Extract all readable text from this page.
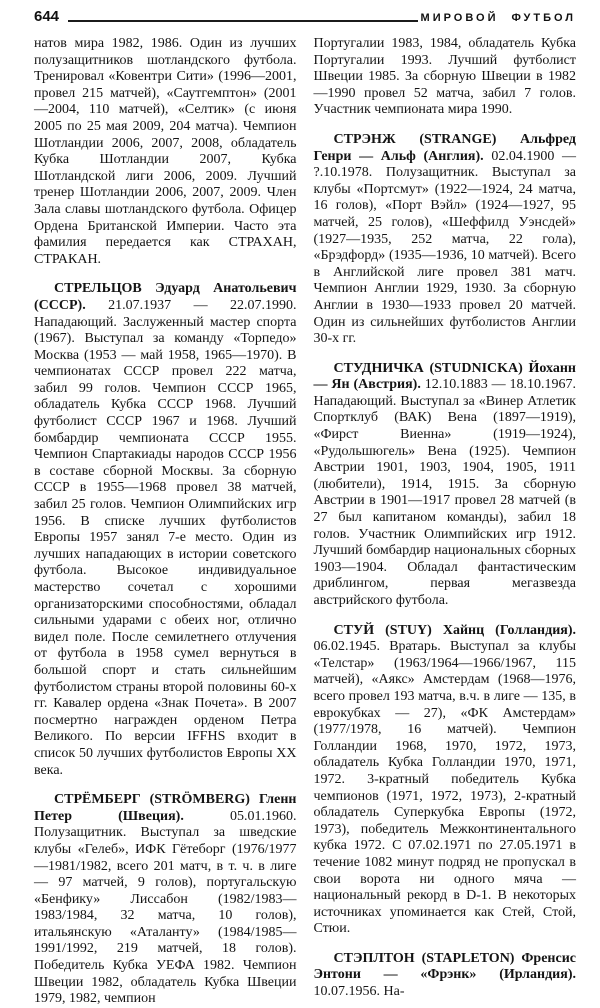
644	МИРОВОЙ ФУТБОЛ

натов мира 1982, 1986. Один из лучших полузащитников шотландского футбола. Тренировал «Ковентри Сити» (1996—2001, провел 215 матчей), «Саутгемптон» (2001—2004, 110 матчей), «Селтик» (с июня 2005 по 25 мая 2009, 204 матча). Чемпион Шотландии 2006, 2007, 2008, обладатель Кубка Шотландии 2007, Кубка Шотландской лиги 2006, 2009. Лучший тренер Шотландии 2006, 2007, 2009. Член Зала славы шотландского футбола. Офицер Ордена Британской Империи. Часто эта фамилия передается как СТРАХАН, СТРАКАН.

СТРЕЛЬЦОВ Эдуард Анатольевич (СССР). 21.07.1937 — 22.07.1990. Нападающий. Заслуженный мастер спорта (1967). Выступал за команду «Торпедо» Москва (1953 — май 1958, 1965—1970). В чемпионатах СССР провел 222 матча, забил 99 голов. Чемпион СССР 1965, обладатель Кубка СССР 1968. Лучший футболист СССР 1967 и 1968. Лучший бомбардир чемпионата СССР 1955. Чемпион Спартакиады народов СССР 1956 в составе сборной Москвы. За сборную СССР в 1955—1968 провел 38 матчей, забил 25 голов. Чемпион Олимпийских игр 1956. В списке лучших футболистов Европы 1957 занял 7-е место. Один из лучших нападающих в истории советского футбола. Высокое индивидуальное мастерство сочетал с хорошими организаторскими способностями, обладал сильными ударами с обеих ног, отлично видел поле. После семилетнего отлучения от футбола в 1958 сумел вернуться в большой спорт и стать сильнейшим футболистом страны второй половины 60-х гг. Кавалер ордена «Знак Почета». В 2007 посмертно награжден орденом Петра Великого. По версии IFFHS входит в список 50 лучших футболистов Европы XX века.

СТРЁМБЕРГ (STRÖMBERG) Гленн Петер (Швеция).	05.01.1960. Полузащитник. Выступал за шведские клубы «Гелеб», ИФК Гётеборг (1976/1977—1981/1982, всего 201 матч, в т. ч. в лиге — 97 матчей, 9 голов), португальскую «Бенфику» Лиссабон (1982/1983—1983/1984, 32 матча, 10 голов), итальянскую «Аталанту» (1984/1985—1991/1992, 219 матчей, 18 голов). Победитель Кубка УЕФА 1982. Чемпион Швеции 1982, обладатель Кубка Швеции 1979, 1982, чемпион

Португалии 1983, 1984, обладатель Кубка Португалии 1993. Лучший футболист Швеции 1985. За сборную Швеции в 1982—1990 провел 52 матча, забил 7 голов. Участник чемпионата мира 1990.

СТРЭНЖ (STRANGE) Альфред Генри — Альф (Англия). 02.04.1900 — ?.10.1978. Полузащитник. Выступал за клубы «Портсмут» (1922—1924, 24 матча, 16 голов), «Порт Вэйл» (1924—1927, 95 матчей, 25 голов), «Шеффилд Уэнсдей» (1927—1935, 252 матча, 22 гола), «Брэдфорд» (1935—1936, 10 матчей). Всего в Английской лиге провел 381 матч. Чемпион Англии 1929, 1930. За сборную Англии в 1930—1933 провел 20 матчей. Один из сильнейших футболистов Англии 30-х гг.

СТУДНИЧКА (STUDNICKA) Йоханн — Ян (Австрия). 12.10.1883 — 18.10.1967. Нападающий. Выступал за «Винер Атлетик Спортклуб (ВАК) Вена (1897—1919), «Фирст Виенна» (1919—1924), «Рудольшюгель» Вена (1925). Чемпион Австрии 1901, 1903, 1904, 1905, 1911 (любители), 1914, 1915. За сборную Австрии в 1901—1917 провел 28 матчей (в 27 был капитаном команды), забил 18 голов. Участник Олимпийских игр 1912. Лучший бомбардир национальных сборных 1903—1904. Обладал фантастическим дриблингом, первая мегазвезда австрийского футбола.

СТУЙ (STUY) Хайнц (Голландия). 06.02.1945. Вратарь. Выступал за клубы «Телстар» (1963/1964—1966/1967, 115 матчей), «Аякс» Амстердам (1968—1976, всего провел 193 матча, в.ч. в лиге — 135, в еврокубках — 27), «ФК Амстердам» (1977/1978, 16 матчей). Чемпион Голландии 1968, 1970, 1972, 1973, обладатель Кубка Голландии 1970, 1971, 1972. 3-кратный победитель Кубка чемпионов (1971, 1972, 1973), 2-кратный обладатель Суперкубка Европы (1972, 1973), победитель Межконтинентального кубка 1972. С 07.02.1971 по 27.05.1971 в течение 1082 минут подряд не пропускал в свои ворота ни одного мяча — национальный рекорд в D-1. В некоторых источниках упоминается как Стей, Стой, Стюи.

СТЭПЛТОН (STAPLETON) Френсис Энтони — «Фрэнк» (Ирландия). 10.07.1956. На-
